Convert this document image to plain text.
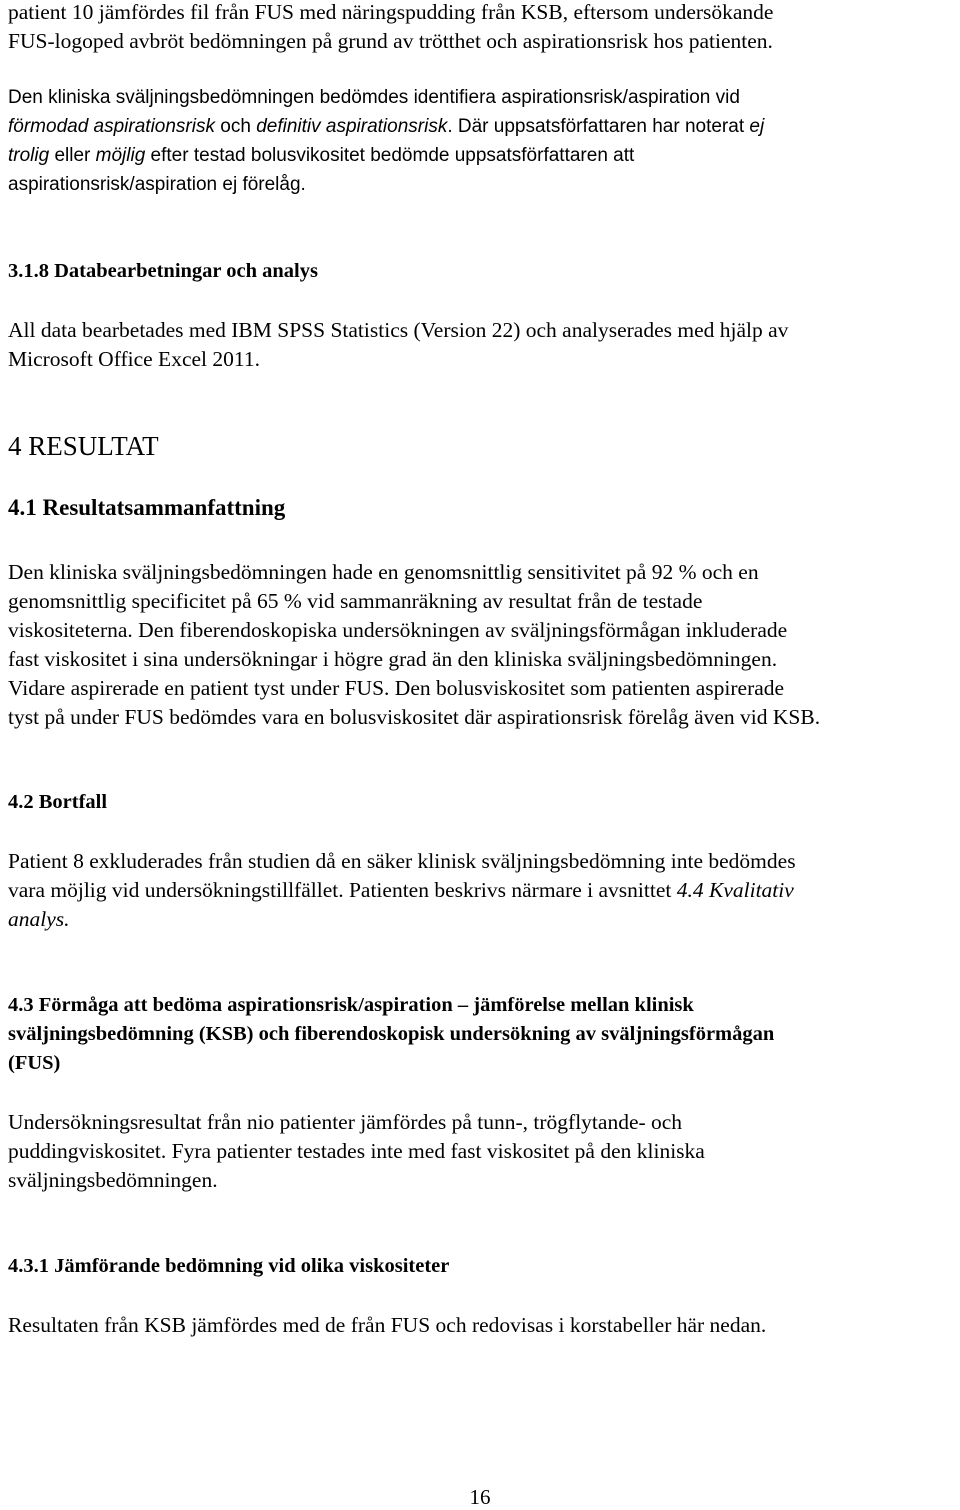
patient 10 jämfördes fil från FUS med näringspudding från KSB, eftersom undersökande

FUS-logoped avbröt bedömningen på grund av trötthet och aspirationsrisk hos patienten.

Den kliniska sväljningsbedömningen bedömdes identifiera aspirationsrisk/aspiration vid

förmodad aspirationsrisk och definitiv aspirationsrisk. Där uppsatsförfattaren har noterat ej

trolig eller möjlig efter testad bolusvikositet bedömde uppsatsförfattaren att

aspirationsrisk/aspiration ej förelåg.

3.1.8 Databearbetningar och analys

All data bearbetades med IBM SPSS Statistics (Version 22) och analyserades med hjälp av

Microsoft Office Excel 2011.

4 RESULTAT
4.1 Resultatsammanfattning

Den kliniska sväljningsbedömningen hade en genomsnittlig sensitivitet på 92 % och en

genomsnittlig specificitet på 65 % vid sammanräkning av resultat från de testade

viskositeterna. Den fiberendoskopiska undersökningen av sväljningsförmågan inkluderade

fast viskositet i sina undersökningar i högre grad än den kliniska sväljningsbedömningen.

Vidare aspirerade en patient tyst under FUS. Den bolusviskositet som patienten aspirerade

tyst på under FUS bedömdes vara en bolusviskositet där aspirationsrisk förelåg även vid KSB.

4.2 Bortfall

Patient 8 exkluderades från studien då en säker klinisk sväljningsbedömning inte bedömdes

vara möjlig vid undersökningstillfället. Patienten beskrivs närmare i avsnittet 4.4 Kvalitativ

analys.

4.3 Förmåga att bedöma aspirationsrisk/aspiration – jämförelse mellan klinisk
sväljningsbedömning (KSB) och fiberendoskopisk undersökning av sväljningsförmågan
(FUS)

Undersökningsresultat från nio patienter jämfördes på tunn-, trögflytande- och

puddingviskositet. Fyra patienter testades inte med fast viskositet på den kliniska

sväljningsbedömningen.

4.3.1 Jämförande bedömning vid olika viskositeter

Resultaten från KSB jämfördes med de från FUS och redovisas i korstabeller här nedan.

16
